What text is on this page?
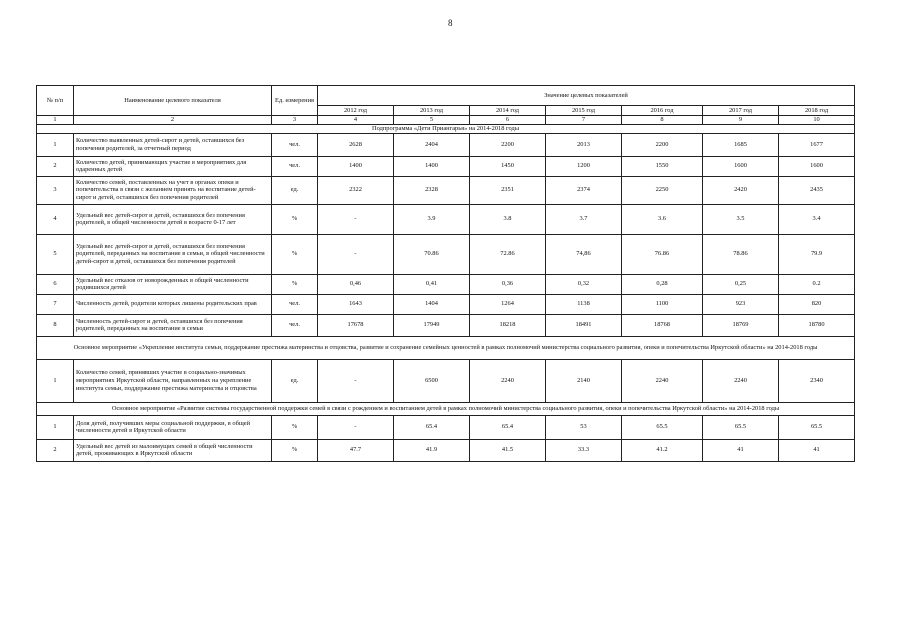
8
№ п/п	Наименование целевого показателя	Ед. измерения	Значение целевых показателей						
			2012 год	2013 год	2014 год	2015 год	2016 год	2017 год	2018 год
1	2	3	4	5	6	7	8	9	10
Подпрограмма «Дети Приангарья» на 2014-2018 годы									
1	Количество выявленных детей-сирот и детей, оставшихся без попечения родителей, за отчетный период	чел.	2628	2404	2200	2013	2200	1685	1677
2	Количество детей, принимающих участие в мероприятиях для одаренных детей	чел.	1400	1400	1450	1200	1550	1600	1600
3	Количество семей, поставленных на учет в органах опеки и попечительства в связи с желанием принять на воспитание детей-сирот и детей, оставшихся без попечения родителей	ед.	2322	2328	2351	2374	2250	2420	2435
4	Удельный вес детей-сирот и детей, оставшихся без попечения родителей, в общей численности детей в возрасте 0-17 лет	%	-	3.9	3.8	3.7	3.6	3.5	3.4
5	Удельный вес детей-сирот и детей, оставшихся без попечения родителей, переданных на воспитание в семьи, в общей численности детей-сирот и детей, оставшихся без попечения родителей	%	-	70.86	72.86	74,86	76.86	78.86	79.9
6	Удельный вес отказов от новорожденных в общей численности родившихся детей	%	0,46	0,41	0,36	0,32	0,28	0,25	0.2
7	Численность детей, родители которых лишены родительских прав	чел.	1643	1404	1264	1138	1100	923	820
8	Численность детей-сирот и детей, оставшихся без попечения родителей, переданных на воспитание в семьи	чел.	17678	17949	18218	18491	18768	18769	18780
Основное мероприятие «Укрепление института семьи, поддержание престижа материнства и отцовства, развитие и сохранение семейных ценностей в рамках полномочий министерства социального развития, опеки и попечительства Иркутской области» на 2014-2018 годы									
1	Количество семей, принявших участие в социально-значимых мероприятиях Иркутской области, направленных на укрепление института семьи, поддержание престижа материнства и отцовства	ед.	-	6500	2240	2140	2240	2240	2340
Основное мероприятие «Развитие системы государственной поддержки семей в связи с рождением и воспитанием детей в рамках полномочий министерства социального развития, опеки и попечительства Иркутской области» на 2014-2018 годы									
1	Доля детей, получивших меры социальной поддержки, в общей численности детей в Иркутской области	%	-	65.4	65.4	53	65.5	65.5	65.5
2	Удельный вес детей из малоимущих семей в общей численности детей, проживающих в Иркутской области	%	47.7	41.9	41.5	33.3	41.2	41	41
